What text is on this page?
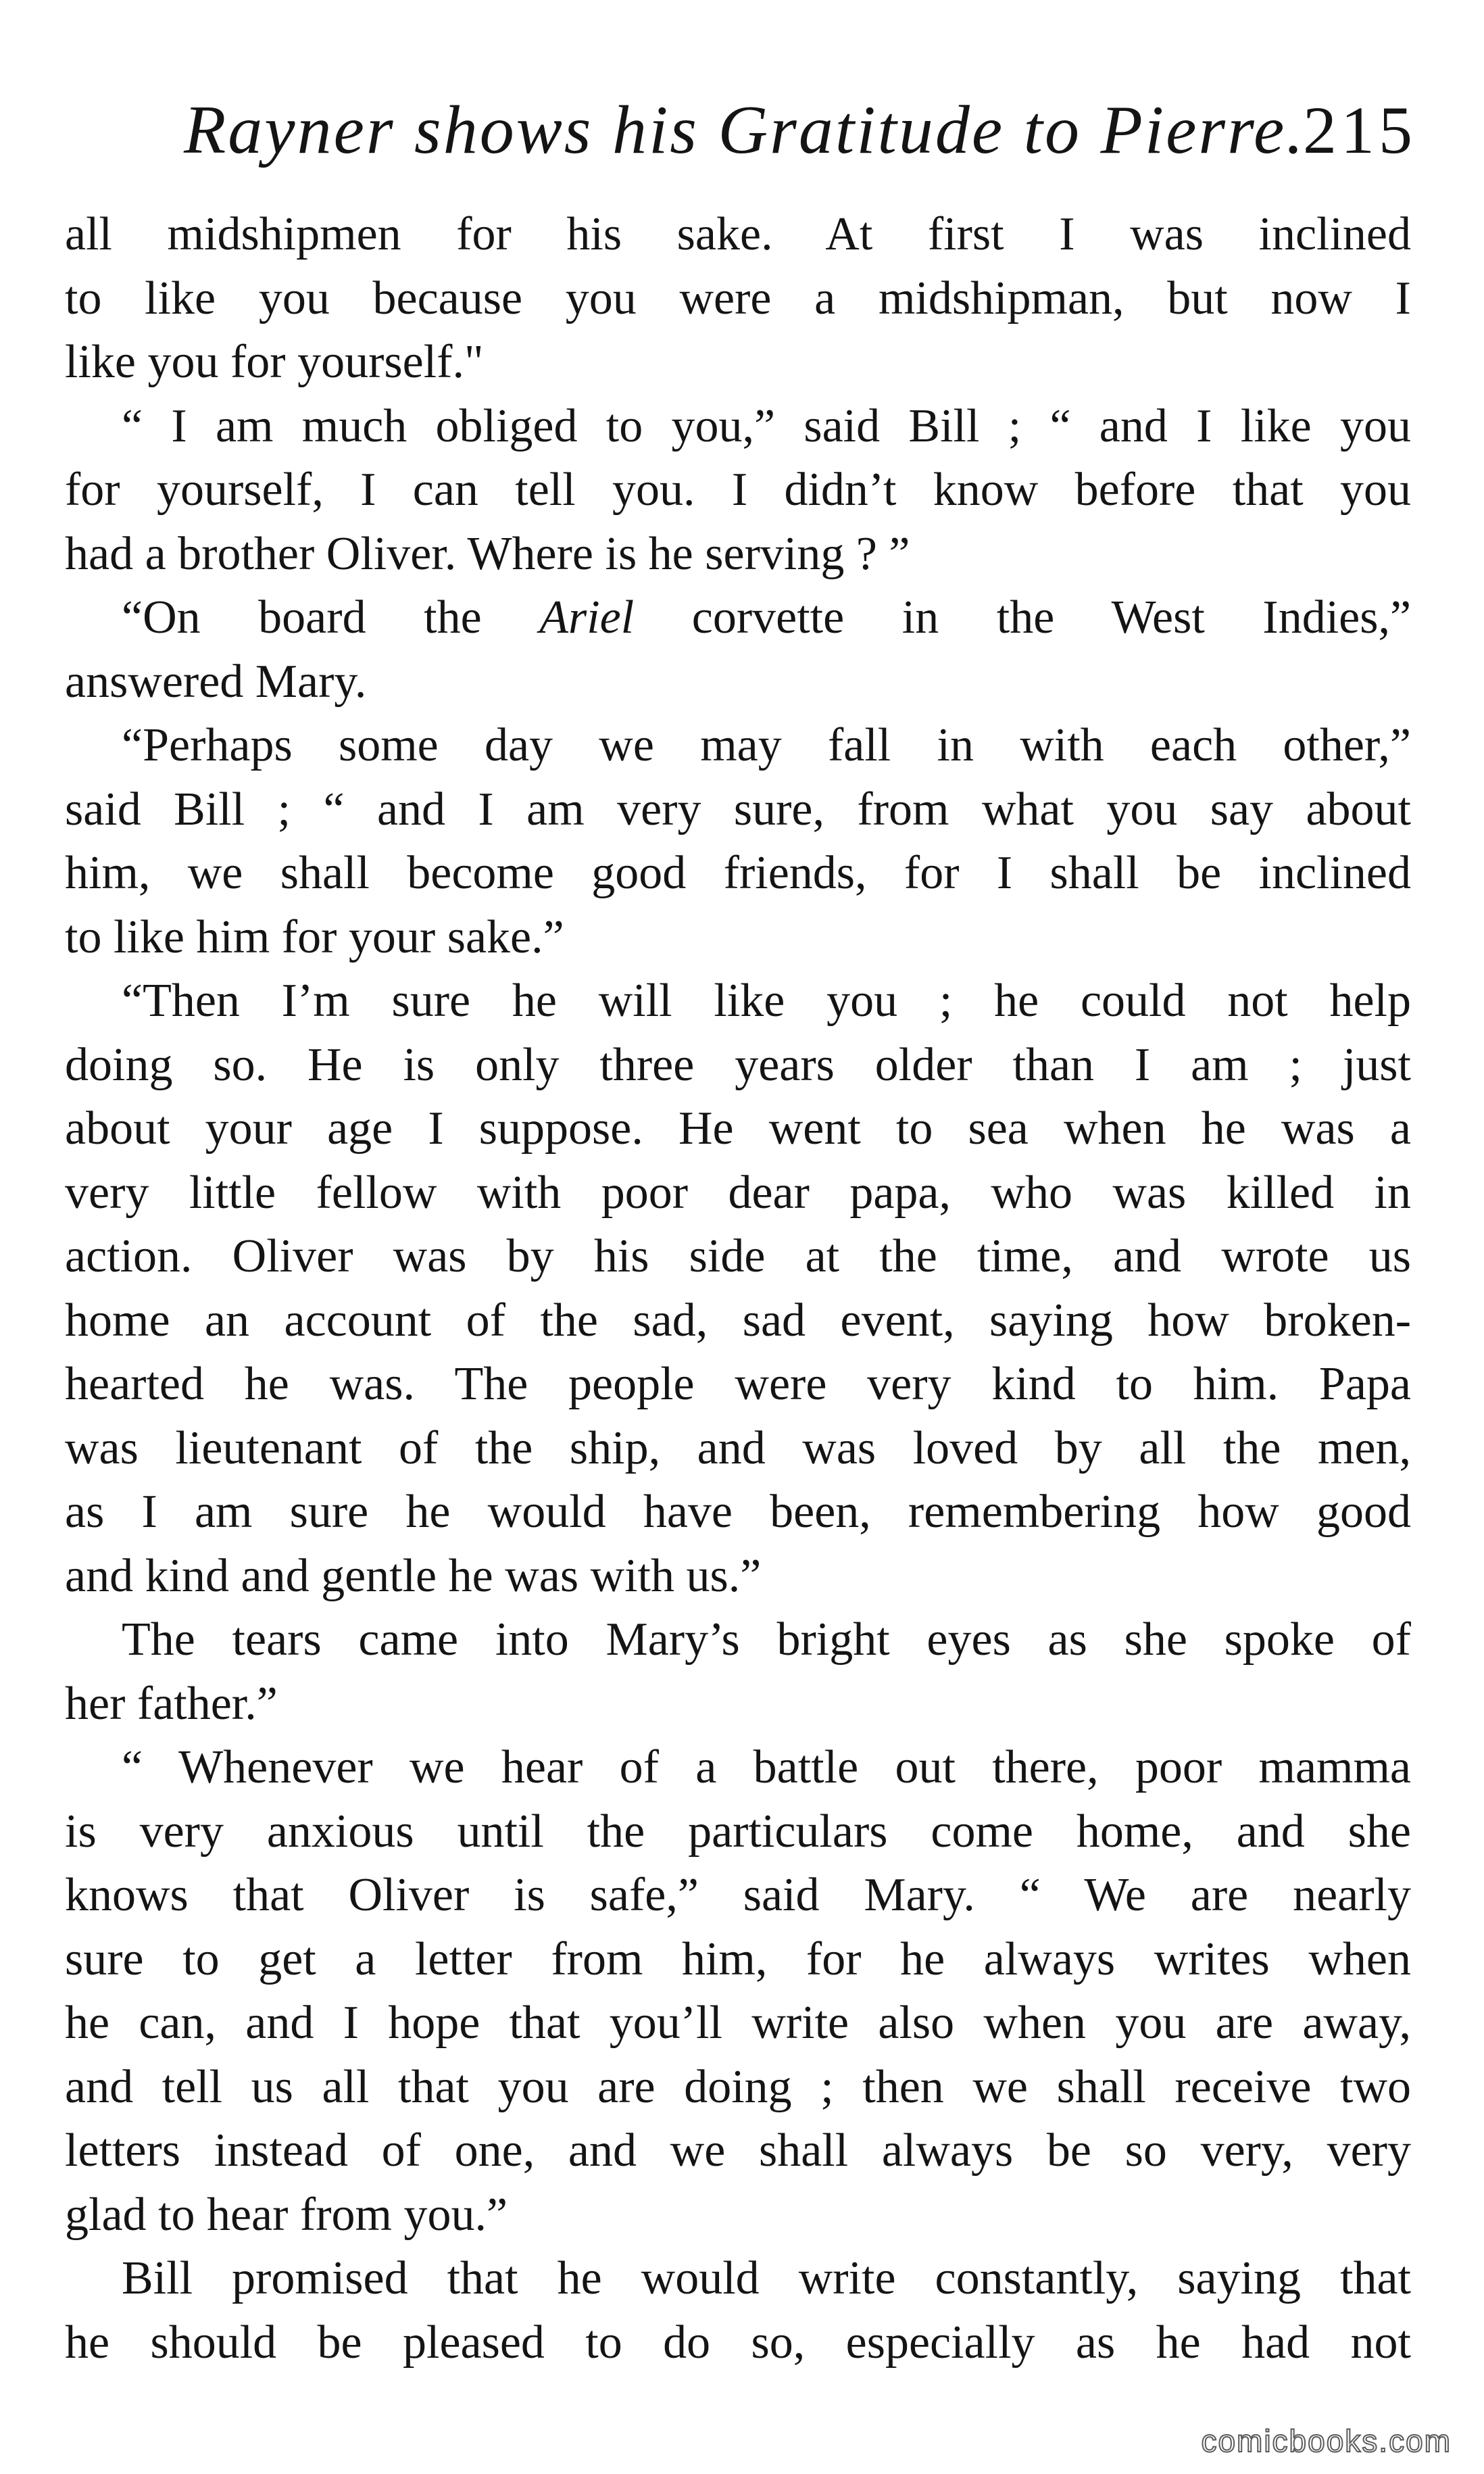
Rayner shows his Gratitude to Pierre.
215
all midshipmen for his sake. At first I was inclined
to like you because you were a midshipman, but now I
like you for yourself."
“ I am much obliged to you,” said Bill ; “ and I like you
for yourself, I can tell you. I didn’t know before that you
had a brother Oliver. Where is he serving ? ”
“On board the Ariel corvette in the West Indies,”
answered Mary.
“Perhaps some day we may fall in with each other,”
said Bill ; “ and I am very sure, from what you say about
him, we shall become good friends, for I shall be inclined
to like him for your sake.”
“Then I’m sure he will like you ; he could not help
doing so. He is only three years older than I am ; just
about your age I suppose. He went to sea when he was a
very little fellow with poor dear papa, who was killed in
action. Oliver was by his side at the time, and wrote us
home an account of the sad, sad event, saying how broken-
hearted he was. The people were very kind to him. Papa
was lieutenant of the ship, and was loved by all the men,
as I am sure he would have been, remembering how good
and kind and gentle he was with us.”
The tears came into Mary’s bright eyes as she spoke of
her father.”
“ Whenever we hear of a battle out there, poor mamma
is very anxious until the particulars come home, and she
knows that Oliver is safe,” said Mary. “ We are nearly
sure to get a letter from him, for he always writes when
he can, and I hope that you’ll write also when you are away,
and tell us all that you are doing ; then we shall receive two
letters instead of one, and we shall always be so very, very
glad to hear from you.”
Bill promised that he would write constantly, saying that
he should be pleased to do so, especially as he had not
comicbooks.com
